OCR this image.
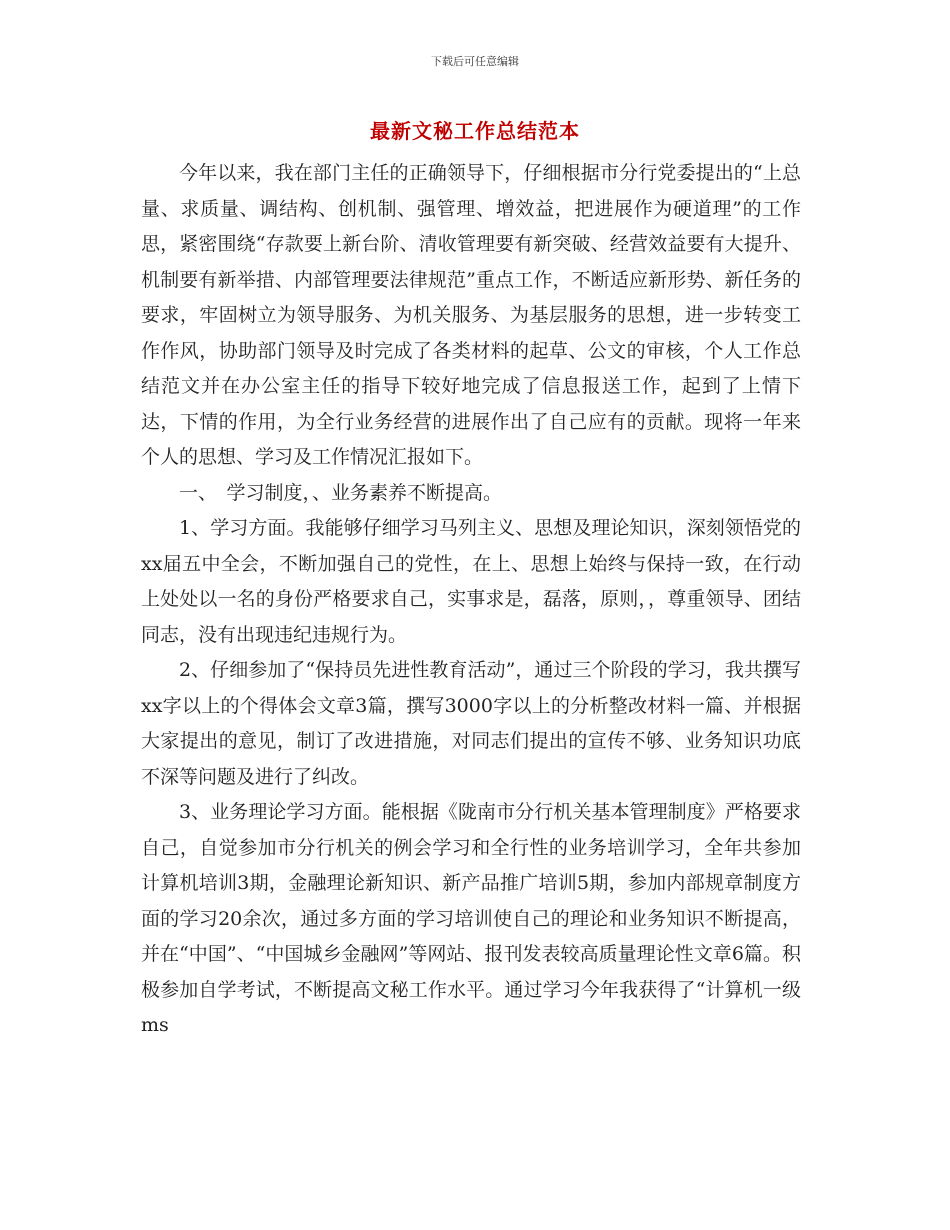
下载后可任意编辑
最新文秘工作总结范本

今年以来，我在部门主任的正确领导下，仔细根据市分行党委提出的“上总量、求质量、调结构、创机制、强管理、增效益，把进展作为硬道理”的工作思，紧密围绕“存款要上新台阶、清收管理要有新突破、经营效益要有大提升、机制要有新举措、内部管理要法律规范”重点工作，不断适应新形势、新任务的要求，牢固树立为领导服务、为机关服务、为基层服务的思想，进一步转变工作作风，协助部门领导及时完成了各类材料的起草、公文的审核，个人工作总结范文并在办公室主任的指导下较好地完成了信息报送工作，起到了上情下达，下情的作用，为全行业务经营的进展作出了自己应有的贡献。现将一年来个人的思想、学习及工作情况汇报如下。

一、　学习制度，、业务素养不断提高。

1、学习方面。我能够仔细学习马列主义、思想及理论知识，深刻领悟党的xx届五中全会，不断加强自己的党性，在上、思想上始终与保持一致，在行动上处处以一名的身份严格要求自己，实事求是，磊落，原则，，尊重领导、团结同志，没有出现违纪违规行为。

2、仔细参加了“保持员先进性教育活动”，通过三个阶段的学习，我共撰写xx字以上的个得体会文章3篇，撰写3000字以上的分析整改材料一篇、并根据大家提出的意见，制订了改进措施，对同志们提出的宣传不够、业务知识功底不深等问题及进行了纠改。

3、业务理论学习方面。能根据《陇南市分行机关基本管理制度》严格要求自己，自觉参加市分行机关的例会学习和全行性的业务培训学习，全年共参加计算机培训3期，金融理论新知识、新产品推广培训5期，参加内部规章制度方面的学习20余次，通过多方面的学习培训使自己的理论和业务知识不断提高，并在“中国”、“中国城乡金融网”等网站、报刊发表较高质量理论性文章6篇。积极参加自学考试，不断提高文秘工作水平。通过学习今年我获得了“计算机一级ms
